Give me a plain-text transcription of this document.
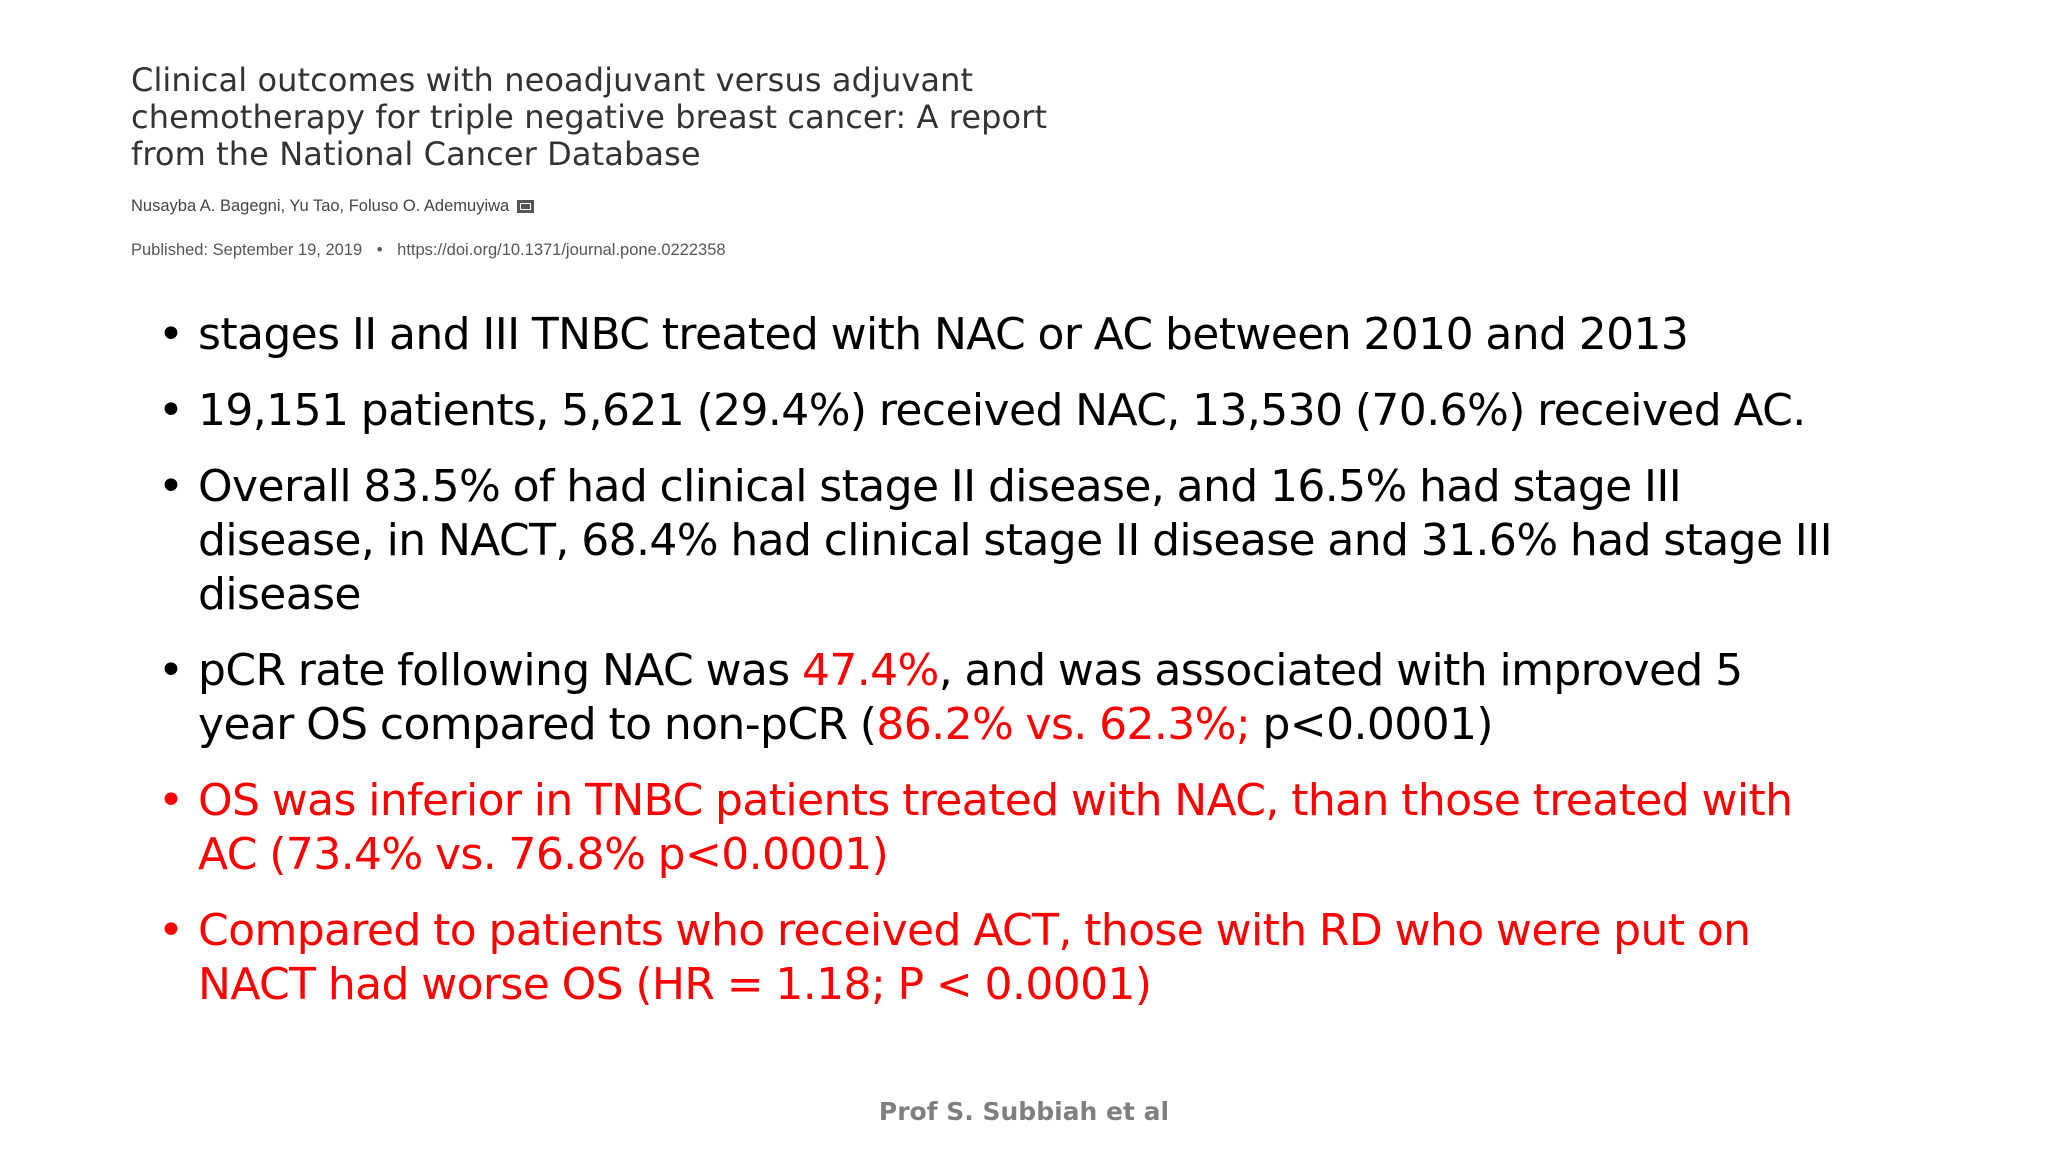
Clinical outcomes with neoadjuvant versus adjuvant
chemotherapy for triple negative breast cancer: A report
from the National Cancer Database
Nusayba A. Bagegni, Yu Tao, Foluso O. Ademuyiwa
Published: September 19, 2019 • https://doi.org/10.1371/journal.pone.0222358
• stages II and III TNBC treated with NAC or AC between 2010 and 2013
• 19,151 patients, 5,621 (29.4%) received NAC, 13,530 (70.6%) received AC.
• Overall 83.5% of had clinical stage II disease, and 16.5% had stage III
disease, in NACT, 68.4% had clinical stage II disease and 31.6% had stage III
disease
• pCR rate following NAC was 47.4%, and was associated with improved 5
year OS compared to non-pCR (86.2% vs. 62.3%; p<0.0001)
• OS was inferior in TNBC patients treated with NAC, than those treated with
AC (73.4% vs. 76.8% p<0.0001)
• Compared to patients who received ACT, those with RD who were put on
NACT had worse OS (HR = 1.18; P < 0.0001)
Prof S. Subbiah et al
